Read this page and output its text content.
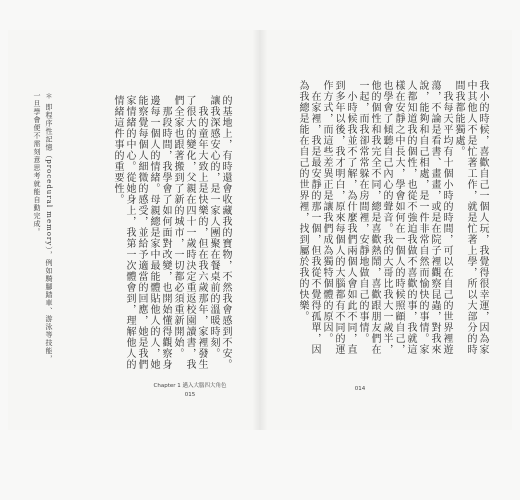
我小的時候，喜歡自己一個人玩，我覺得很幸運，因為家
中其他人不是忙著工作，就是忙著上學，所以大部分的時
間我都能獨處。
　我每天平均有十個小時的時間，可以在自己的世界裡遊
蕩，不論是看書、畫畫，或是在院子裡觀察昆蟲，對我來
說，能夠和自己相處，是一件非常自然而愉快的事情。家
人都知道我的個性，也從不強迫我做不喜歡的事，我就這
樣在安靜之中長大，學會如何在一個人的時候照顧自己，
也學會了傾聽自己內心的聲音。我的大哥比我大一歲半，
他的個性和我完全不同，總是喜歡熱鬧，喜歡跟朋友們在
一起，而我卻常常躲在房間裡，安靜地做自己的事情。
　小時候我並不了解，為什麼我們兩個人會如此不同，直
到多年以後，我才明白，原來每個人的大腦都有不同的運
作方式，而這些差異正是讓我們成為獨特個體的原因。
　在家裡，我是最安靜的那一個，但我從不覺得孤單，因
為我總是能在自己的世界裡，找到屬於我的快樂。
014
的基地上，有時還會收藏我的寶物，不然我會感到不安。
讓我深感安心的，是一家人團聚在餐桌前的溫暖時刻。
　我的童年大致上是快樂的，但在我六歲那年，家裡發生
了很大的變化，父親在四十一歲時決定重返校園讀書，我
們全家也跟著搬到了新的城市，一切都必須重新開始。
　那段時間，我學會了如何面對改變，也開始懂得觀察身
邊每一個人的情緒。母親總是家中最能體貼他人的人，她
能察覺每個人細微的感受，並給予適當的回應，她是我們
家情緒的中心。從她身上，我第一次體會到，理解他人的
情緒這件事的重要性。
＊ 即程序性記憶（procedural memory），例如騎腳踏車、游泳等技能，
一旦學會便不需刻意思考就能自動完成。
Chapter 1 邁入大腦四大角色
015
